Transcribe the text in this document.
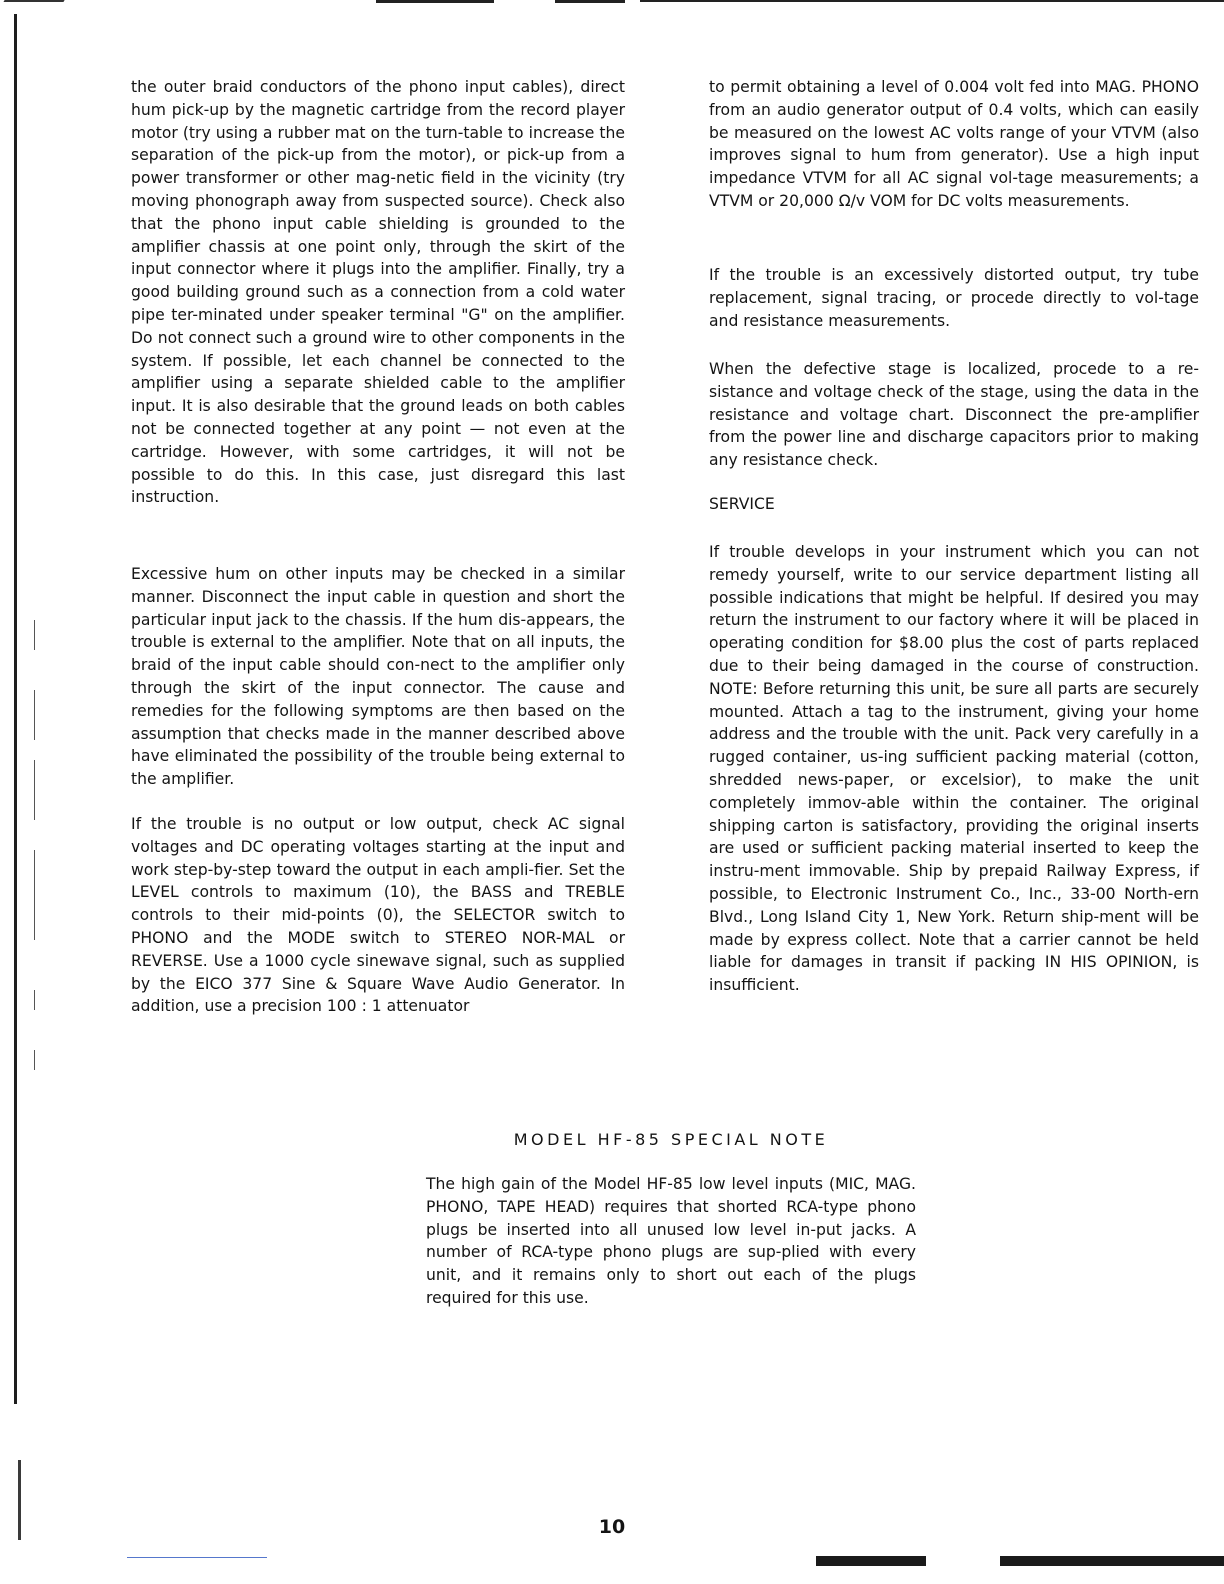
the outer braid conductors of the phono input cables), direct hum pick-up by the magnetic cartridge from the record player motor (try using a rubber mat on the turn-table to increase the separation of the pick-up from the motor), or pick-up from a power transformer or other mag-netic field in the vicinity (try moving phonograph away from suspected source). Check also that the phono input cable shielding is grounded to the amplifier chassis at one point only, through the skirt of the input connector where it plugs into the amplifier. Finally, try a good building ground such as a connection from a cold water pipe ter-minated under speaker terminal "G" on the amplifier. Do not connect such a ground wire to other components in the system. If possible, let each channel be connected to the amplifier using a separate shielded cable to the amplifier input. It is also desirable that the ground leads on both cables not be connected together at any point — not even at the cartridge. However, with some cartridges, it will not be possible to do this. In this case, just disregard this last instruction.

Excessive hum on other inputs may be checked in a similar manner. Disconnect the input cable in question and short the particular input jack to the chassis. If the hum dis-appears, the trouble is external to the amplifier. Note that on all inputs, the braid of the input cable should con-nect to the amplifier only through the skirt of the input connector. The cause and remedies for the following symptoms are then based on the assumption that checks made in the manner described above have eliminated the possibility of the trouble being external to the amplifier.

If the trouble is no output or low output, check AC signal voltages and DC operating voltages starting at the input and work step-by-step toward the output in each ampli-fier. Set the LEVEL controls to maximum (10), the BASS and TREBLE controls to their mid-points (0), the SELECTOR switch to PHONO and the MODE switch to STEREO NOR-MAL or REVERSE. Use a 1000 cycle sinewave signal, such as supplied by the EICO 377 Sine & Square Wave Audio Generator. In addition, use a precision 100 : 1 attenuator

to permit obtaining a level of 0.004 volt fed into MAG. PHONO from an audio generator output of 0.4 volts, which can easily be measured on the lowest AC volts range of your VTVM (also improves signal to hum from generator). Use a high input impedance VTVM for all AC signal vol-tage measurements; a VTVM or 20,000 Ω/v VOM for DC volts measurements.

If the trouble is an excessively distorted output, try tube replacement, signal tracing, or procede directly to vol-tage and resistance measurements.

When the defective stage is localized, procede to a re-sistance and voltage check of the stage, using the data in the resistance and voltage chart. Disconnect the pre-amplifier from the power line and discharge capacitors prior to making any resistance check.

SERVICE

If trouble develops in your instrument which you can not remedy yourself, write to our service department listing all possible indications that might be helpful. If desired you may return the instrument to our factory where it will be placed in operating condition for $8.00 plus the cost of parts replaced due to their being damaged in the course of construction. NOTE: Before returning this unit, be sure all parts are securely mounted. Attach a tag to the instrument, giving your home address and the trouble with the unit. Pack very carefully in a rugged container, us-ing sufficient packing material (cotton, shredded news-paper, or excelsior), to make the unit completely immov-able within the container. The original shipping carton is satisfactory, providing the original inserts are used or sufficient packing material inserted to keep the instru-ment immovable. Ship by prepaid Railway Express, if possible, to Electronic Instrument Co., Inc., 33-00 North-ern Blvd., Long Island City 1, New York. Return ship-ment will be made by express collect. Note that a carrier cannot be held liable for damages in transit if packing IN HIS OPINION, is insufficient.

MODEL HF-85 SPECIAL NOTE

The high gain of the Model HF-85 low level inputs (MIC, MAG. PHONO, TAPE HEAD) requires that shorted RCA-type phono plugs be inserted into all unused low level in-put jacks. A number of RCA-type phono plugs are sup-plied with every unit, and it remains only to short out each of the plugs required for this use.

10
